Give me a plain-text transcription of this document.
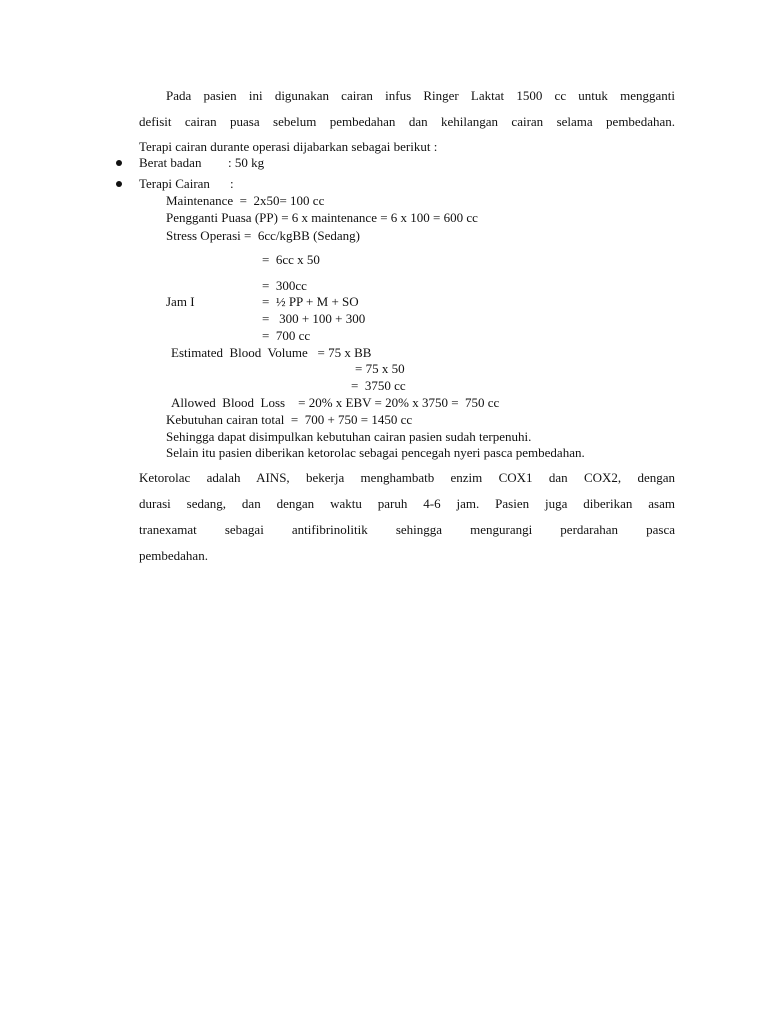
Pada pasien ini digunakan cairan infus Ringer Laktat 1500 cc untuk mengganti
defisit cairan puasa sebelum pembedahan dan kehilangan cairan selama pembedahan.
Terapi cairan durante operasi dijabarkan sebagai berikut :
Berat badan : 50 kg
Terapi Cairan :
Maintenance  =  2x50= 100 cc
Pengganti Puasa (PP) = 6 x maintenance = 6 x 100 = 600 cc
Stress Operasi =  6cc/kgBB (Sedang)
=  6cc x 50
=  300cc
Jam I	=  ½ PP + M + SO
=   300 + 100 + 300
=  700 cc
Estimated  Blood  Volume   = 75 x BB
= 75 x 50
=  3750 cc
Allowed  Blood  Loss    = 20% x EBV = 20% x 3750 =  750 cc
Kebutuhan cairan total  =  700 + 750 = 1450 cc
Sehingga dapat disimpulkan kebutuhan cairan pasien sudah terpenuhi.
Selain itu pasien diberikan ketorolac sebagai pencegah nyeri pasca pembedahan.
Ketorolac adalah AINS, bekerja menghambatb enzim COX1 dan COX2, dengan
durasi sedang, dan dengan waktu paruh 4-6 jam. Pasien juga diberikan asam
tranexamat sebagai antifibrinolitik sehingga mengurangi perdarahan pasca
pembedahan.
